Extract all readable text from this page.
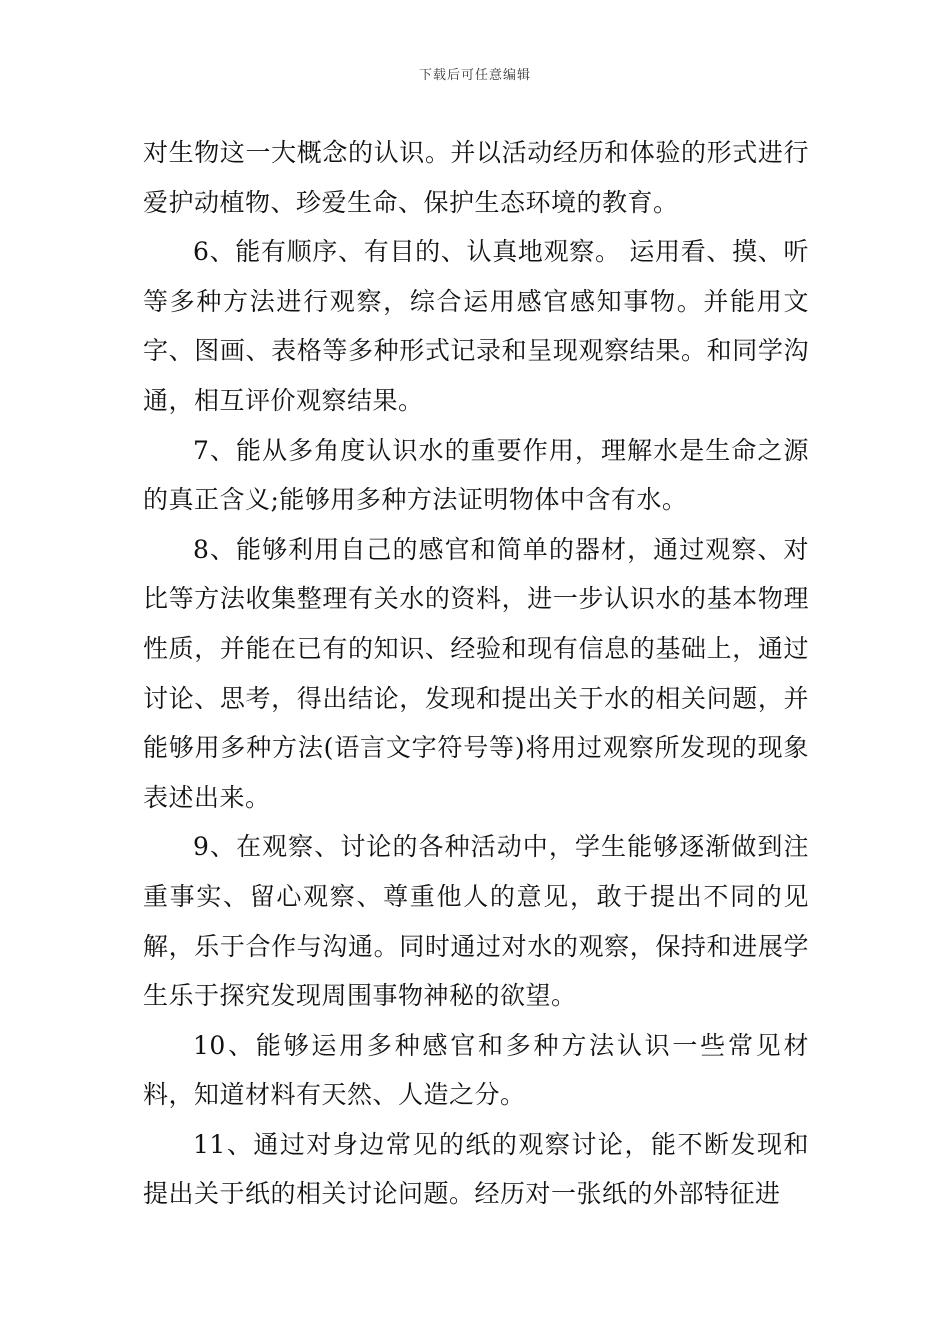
下载后可任意编辑

对生物这一大概念的认识。并以活动经历和体验的形式进行爱护动植物、珍爱生命、保护生态环境的教育。

6、能有顺序、有目的、认真地观察。 运用看、摸、听等多种方法进行观察，综合运用感官感知事物。并能用文字、图画、表格等多种形式记录和呈现观察结果。和同学沟通，相互评价观察结果。

7、能从多角度认识水的重要作用，理解水是生命之源的真正含义;能够用多种方法证明物体中含有水。

8、能够利用自己的感官和简单的器材，通过观察、对比等方法收集整理有关水的资料，进一步认识水的基本物理性质，并能在已有的知识、经验和现有信息的基础上，通过讨论、思考，得出结论，发现和提出关于水的相关问题，并能够用多种方法(语言文字符号等)将用过观察所发现的现象表述出来。

9、在观察、讨论的各种活动中，学生能够逐渐做到注重事实、留心观察、尊重他人的意见，敢于提出不同的见解，乐于合作与沟通。同时通过对水的观察，保持和进展学生乐于探究发现周围事物神秘的欲望。

10、能够运用多种感官和多种方法认识一些常见材料，知道材料有天然、人造之分。

11、通过对身边常见的纸的观察讨论，能不断发现和提出关于纸的相关讨论问题。经历对一张纸的外部特征进
